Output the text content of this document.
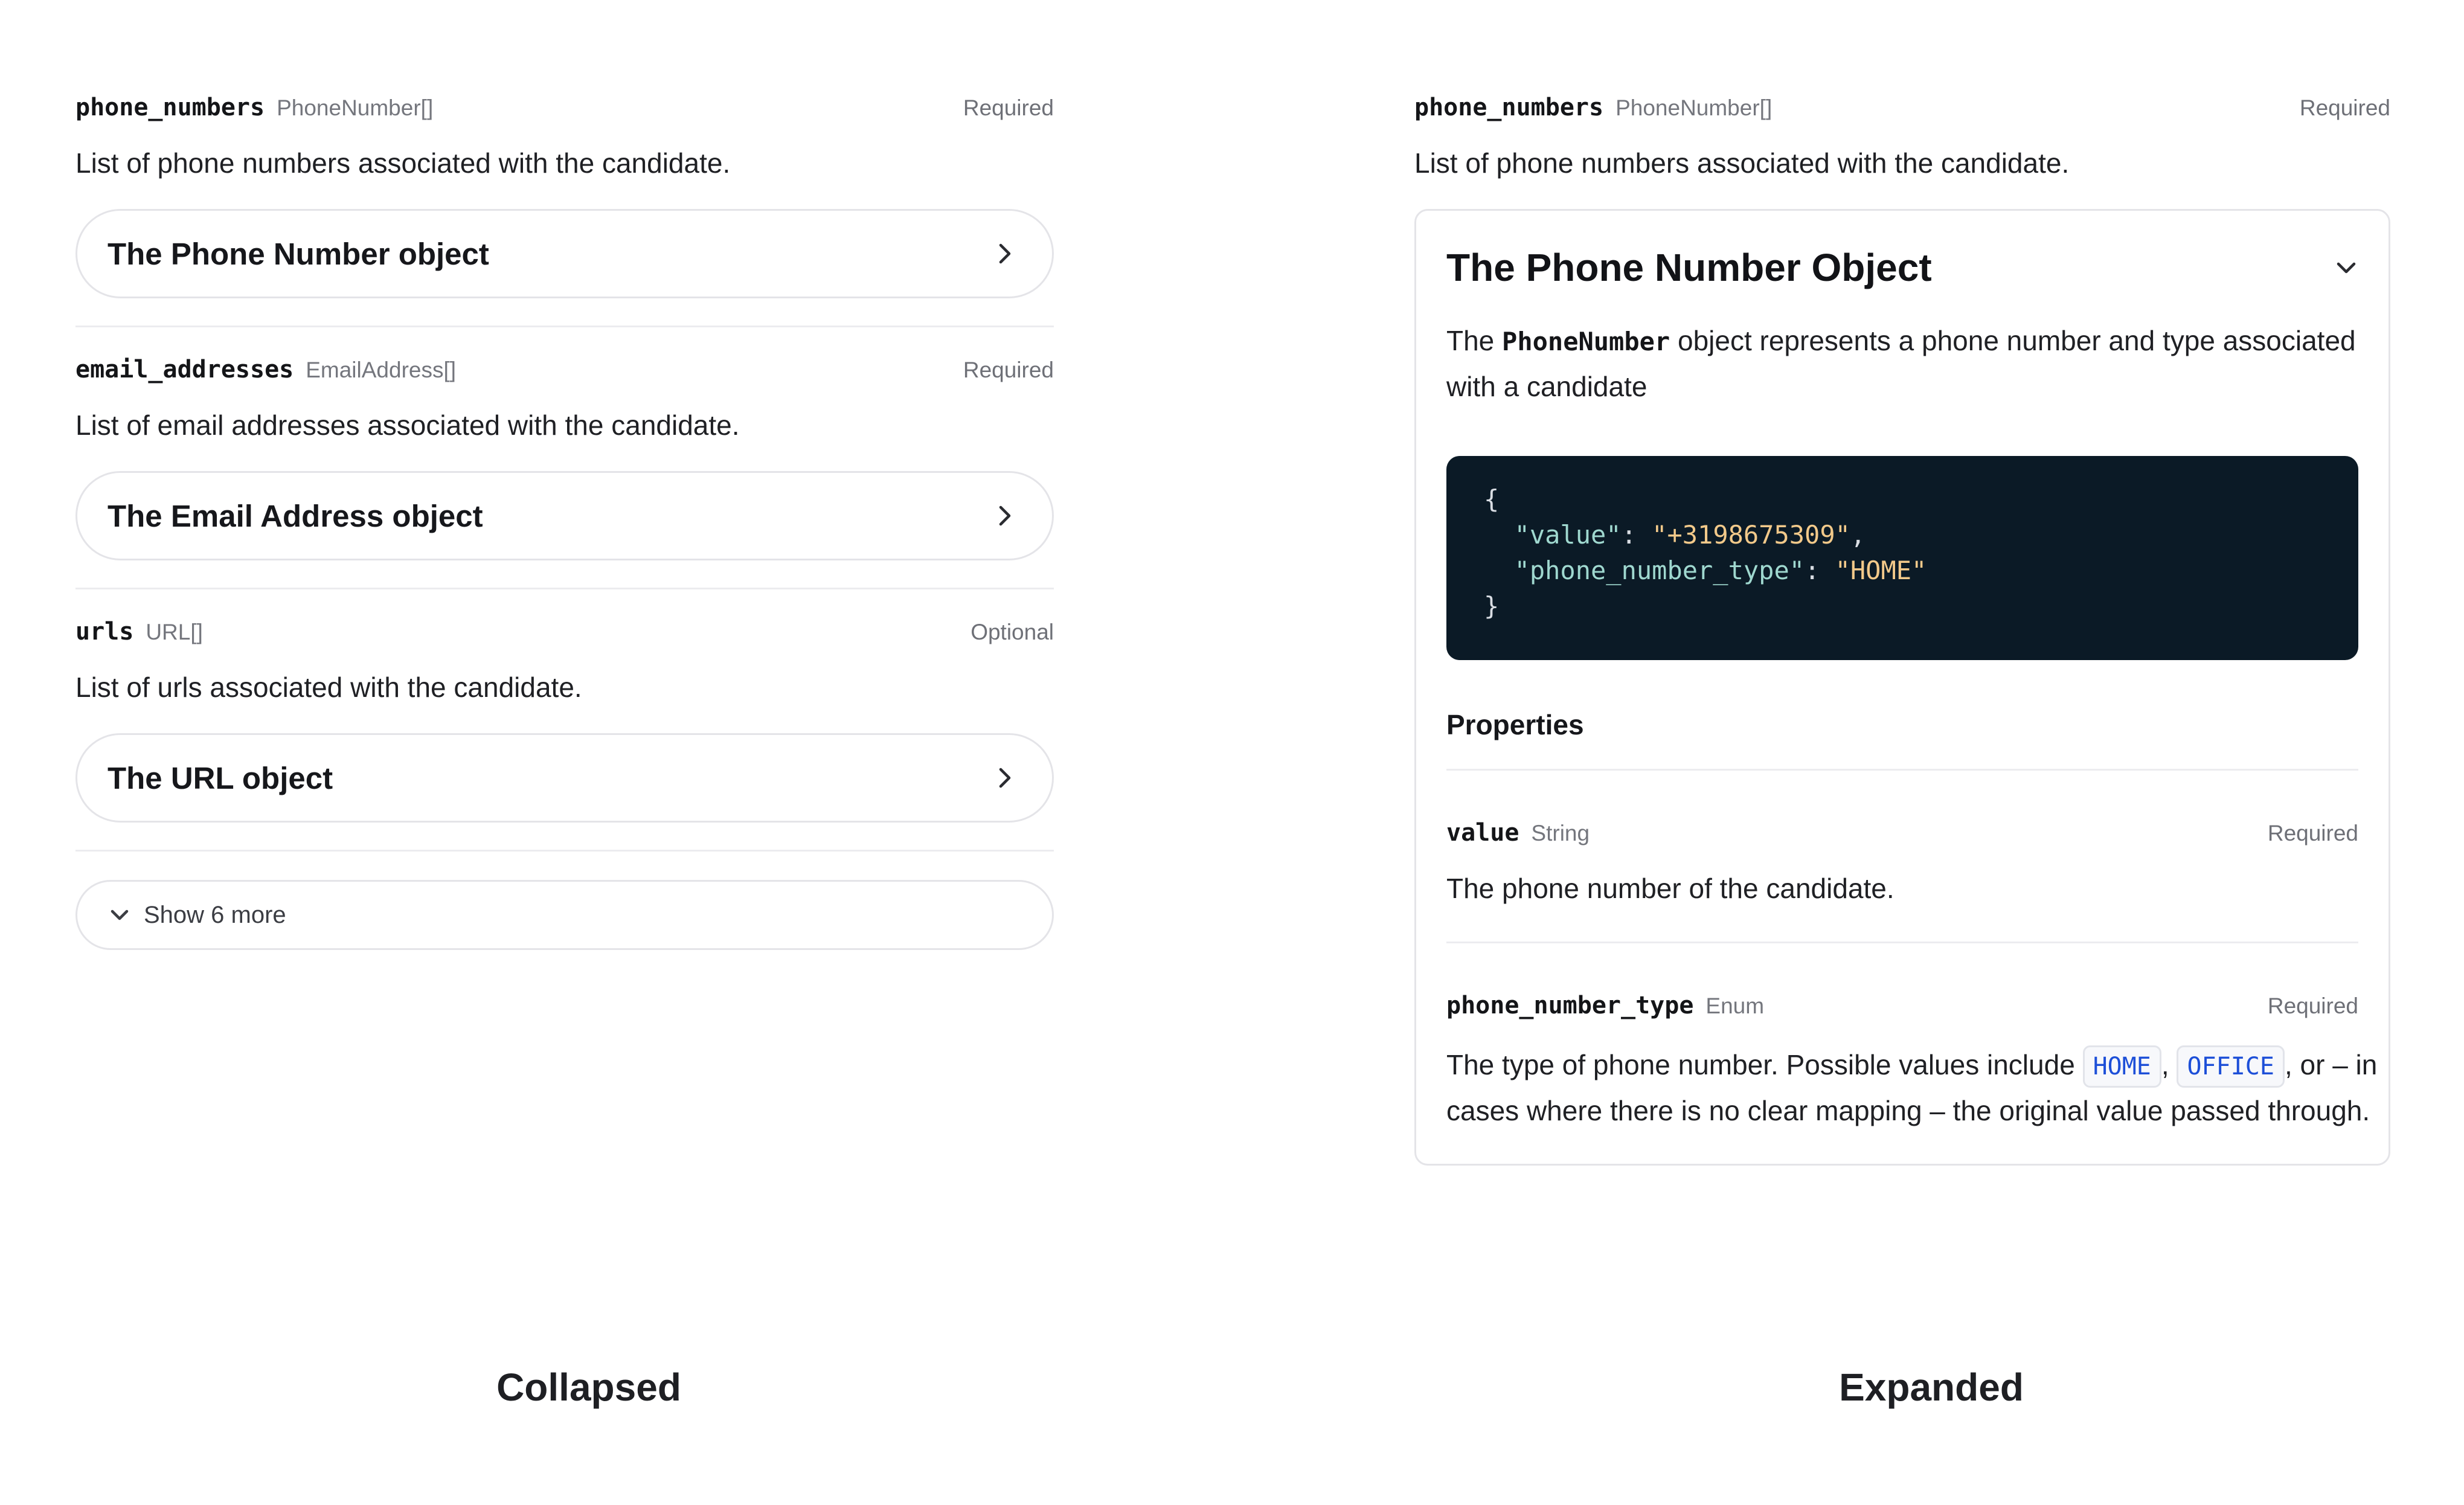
phone_numbers PhoneNumber[]	Required
List of phone numbers associated with the candidate.
The Phone Number object
email_addresses EmailAddress[]	Required
List of email addresses associated with the candidate.
The Email Address object
urls URL[]	Optional
List of urls associated with the candidate.
The URL object
Show 6 more
phone_numbers PhoneNumber[]	Required
List of phone numbers associated with the candidate.
The Phone Number Object
The PhoneNumber object represents a phone number and type associated with a candidate
{
"value": "+3198675309",
"phone_number_type": "HOME"
}
Properties
value String	Required
The phone number of the candidate.
phone_number_type Enum	Required
The type of phone number. Possible values include HOME , OFFICE , or – in cases where there is no clear mapping – the original value passed through.
Collapsed	Expanded
